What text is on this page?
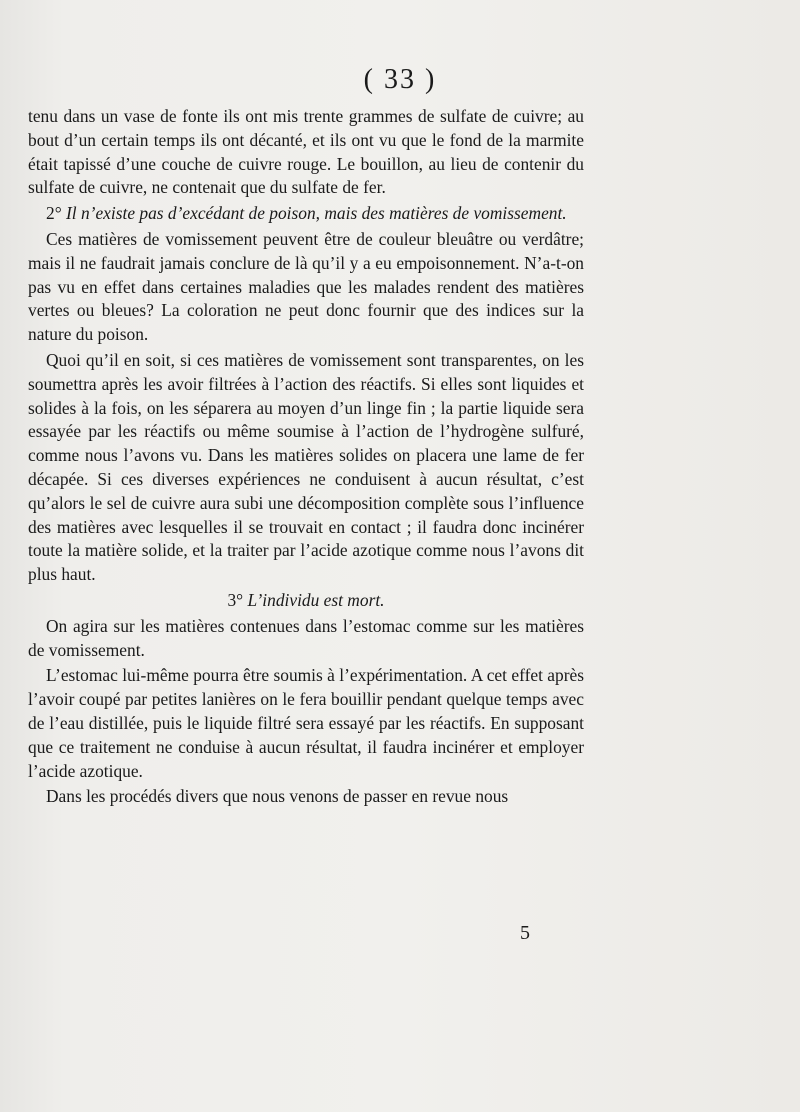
( 33 )

tenu dans un vase de fonte ils ont mis trente grammes de sulfate de cuivre; au bout d’un certain temps ils ont décanté, et ils ont vu que le fond de la marmite était tapissé d’une couche de cuivre rouge. Le bouillon, au lieu de contenir du sulfate de cuivre, ne contenait que du sulfate de fer.

2° Il n’existe pas d’excédant de poison, mais des matières de vomissement.

Ces matières de vomissement peuvent être de couleur bleuâtre ou verdâtre; mais il ne faudrait jamais conclure de là qu’il y a eu empoisonnement. N’a-t-on pas vu en effet dans certaines maladies que les malades rendent des matières vertes ou bleues? La coloration ne peut donc fournir que des indices sur la nature du poison.

Quoi qu’il en soit, si ces matières de vomissement sont transparentes, on les soumettra après les avoir filtrées à l’action des réactifs. Si elles sont liquides et solides à la fois, on les séparera au moyen d’un linge fin ; la partie liquide sera essayée par les réactifs ou même soumise à l’action de l’hydrogène sulfuré, comme nous l’avons vu. Dans les matières solides on placera une lame de fer décapée. Si ces diverses expériences ne conduisent à aucun résultat, c’est qu’alors le sel de cuivre aura subi une décomposition complète sous l’influence des matières avec lesquelles il se trouvait en contact ; il faudra donc incinérer toute la matière solide, et la traiter par l’acide azotique comme nous l’avons dit plus haut.

3° L’individu est mort.

On agira sur les matières contenues dans l’estomac comme sur les matières de vomissement.

L’estomac lui-même pourra être soumis à l’expérimentation. A cet effet après l’avoir coupé par petites lanières on le fera bouillir pendant quelque temps avec de l’eau distillée, puis le liquide filtré sera essayé par les réactifs. En supposant que ce traitement ne conduise à aucun résultat, il faudra incinérer et employer l’acide azotique.

Dans les procédés divers que nous venons de passer en revue nous

5
